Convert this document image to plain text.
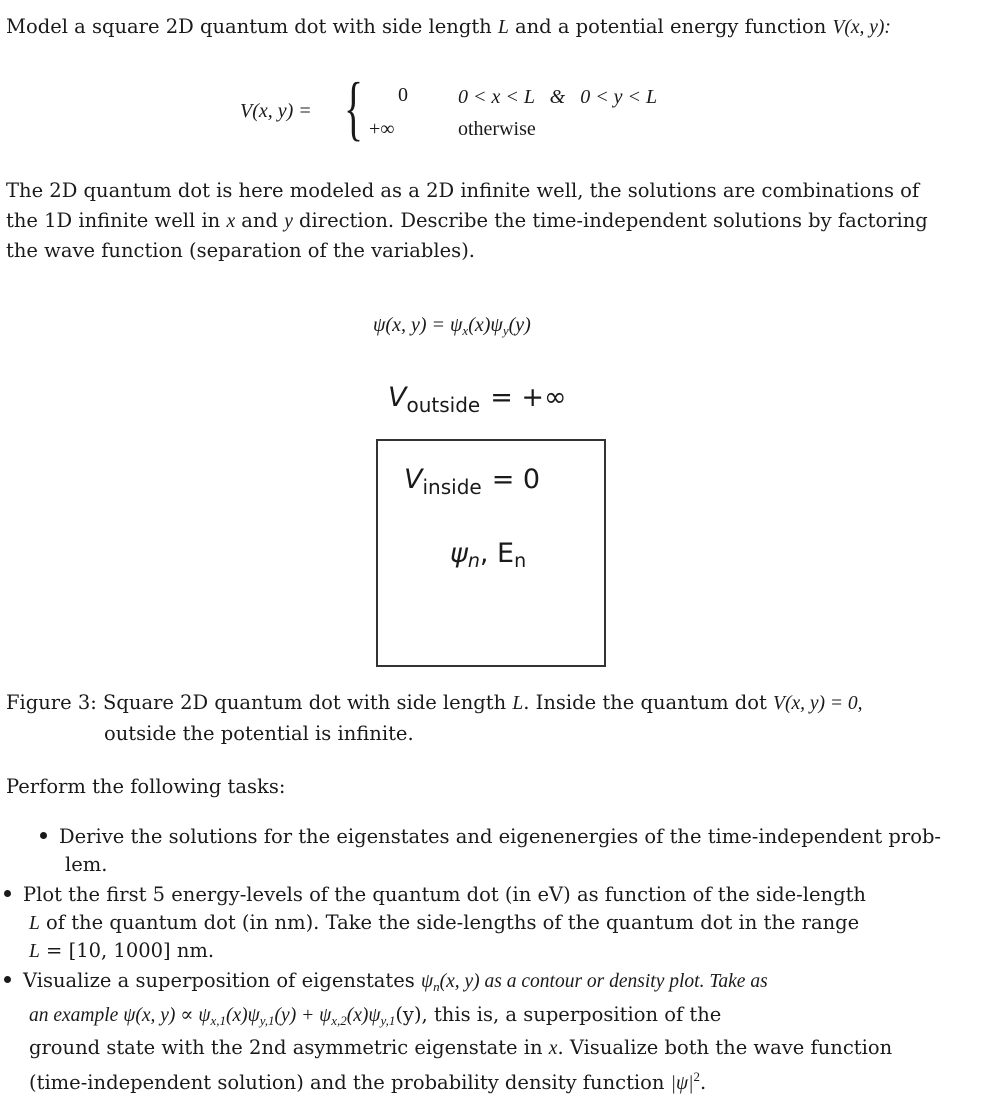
Model a square 2D quantum dot with side length L and a potential energy function V(x, y):
V(x, y) = { 0	0 < x < L   &   0 < y < L
+∞	otherwise
The 2D quantum dot is here modeled as a 2D infinite well, the solutions are combinations of
the 1D infinite well in x and y direction. Describe the time-independent solutions by factoring
the wave function (separation of the variables).
ψ(x, $y) = \psi_x(x)\psi_y(y)$
$V_{outside}$ = +∞
$V_{inside} = 0$
ψn, En
Figure 3: Square 2D quantum dot with side length L. Inside the quantum dot V(x, y) = 0,
outside the potential is infinite.
Perform the following tasks:
Derive the solutions for the eigenstates and eigenenergies of the time-independent prob-
lem.
Plot the first 5 energy-levels of the quantum dot (in eV) as function of the side-length
L of the quantum dot (in nm). Take the side-lengths of the quantum dot in the range
L = [10, 1000] nm.
Visualize a superposition of eigenstates $\psi_n(x$, y) as a contour or density plot. Take as
an example ψ(x, $y) \propto \psi_{x,1}(x)\psi_{y,1}(y) + \psi_{x,2}(x)\psi_{y,1}(y)$, this is, a superposition of the
ground state with the 2nd asymmetric eigenstate in x. Visualize both the wave function
(time-independent solution) and the probability density function $|\psi|^2$.
